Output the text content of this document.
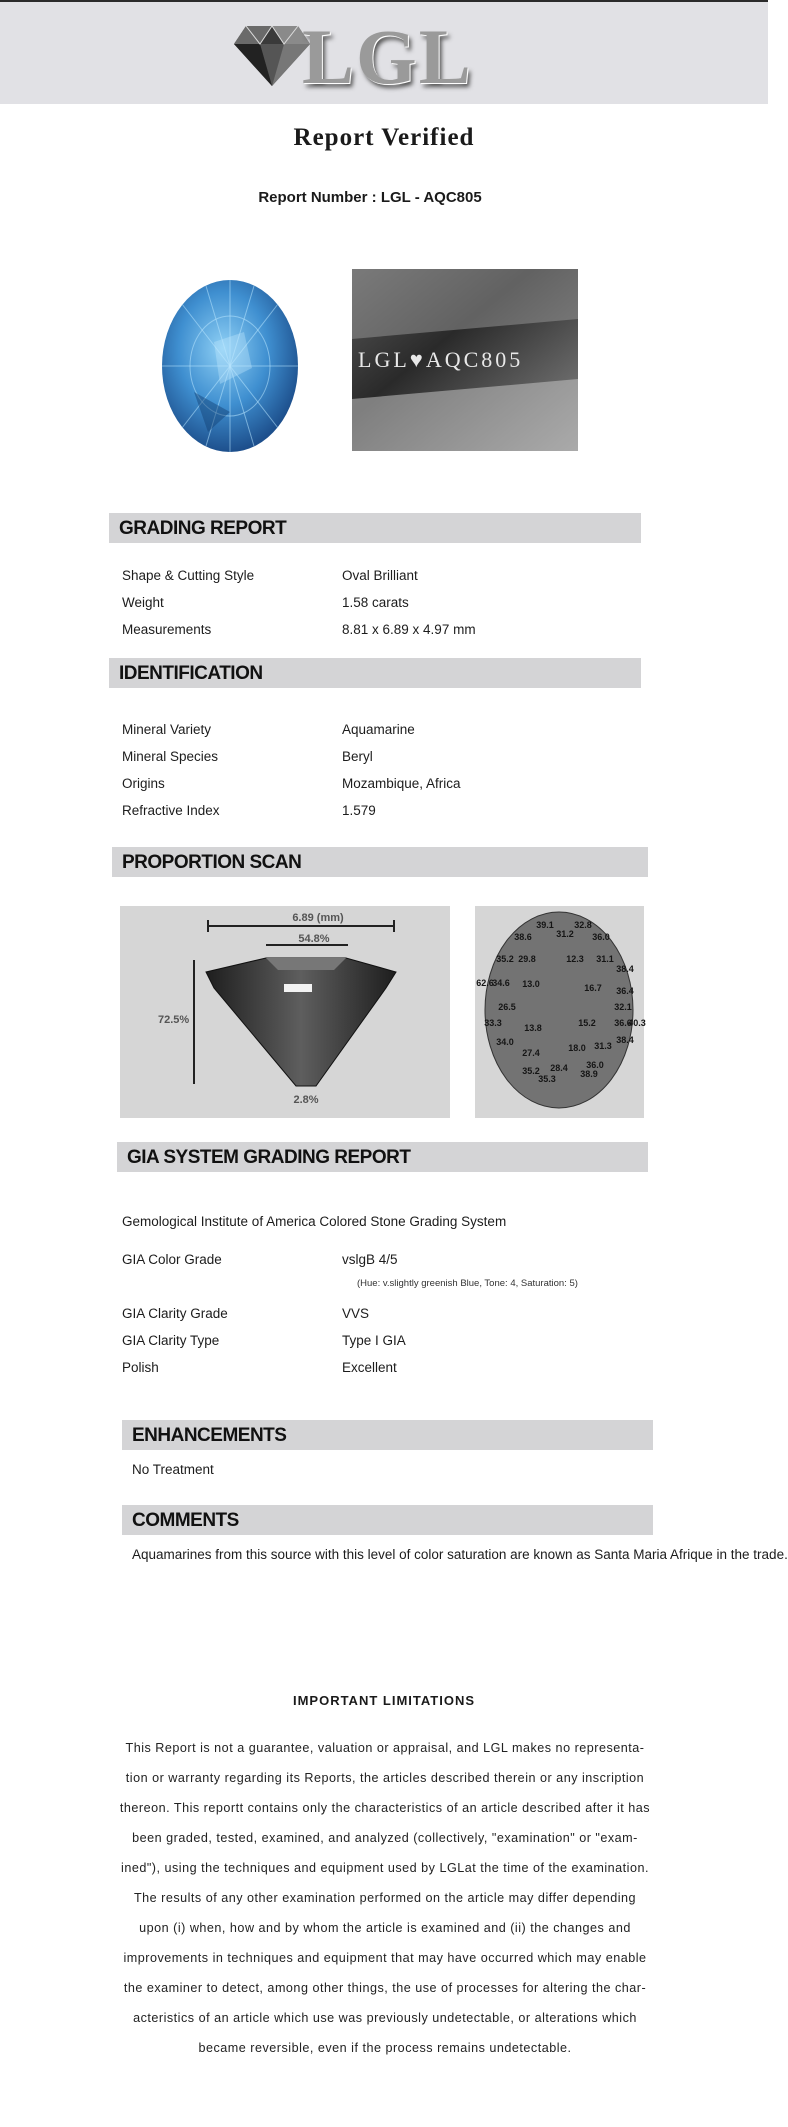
LGL
Report Verified
Report Number : LGL - AQC805
LGL♥AQC805
GRADING REPORT
Shape & Cutting Style	Oval Brilliant
Weight	1.58 carats
Measurements	8.81 x 6.89 x 4.97 mm
IDENTIFICATION
Mineral Variety	Aquamarine
Mineral Species	Beryl
Origins	Mozambique, Africa
Refractive Index	1.579
PROPORTION SCAN
6.89 (mm)
54.8%
72.5%
2.8%
39.1 32.8
38.6	31.2 36.0
35.2 29.8	12.3 31.1
38.4
62.6
34.6 13.0	16.7 36.4
26.5	32.1
33.3	15.2 36.6
40.3
13.8
34.0	38.4
27.4	18.0 31.3
36.0
35.2 28.4
38.9
35.3
GIA SYSTEM GRADING REPORT
Gemological Institute of America Colored Stone Grading System
GIA Color Grade	vslgB 4/5
(Hue: v.slightly greenish Blue, Tone: 4, Saturation: 5)
GIA Clarity Grade	VVS
GIA Clarity Type	Type I GIA
Polish	Excellent
ENHANCEMENTS
No Treatment
COMMENTS
Aquamarines from this source with this level of color saturation are known as Santa Maria Afrique in the trade.
IMPORTANT LIMITATIONS
This Report is not a guarantee, valuation or appraisal, and LGL makes no representa-
tion or warranty regarding its Reports, the articles described therein or any inscription
thereon. This reportt contains only the characteristics of an article described after it has
been graded, tested, examined, and analyzed (collectively, "examination" or "exam-
ined"), using the techniques and equipment used by LGLat the time of the examination.
The results of any other examination performed on the article may differ depending
upon (i) when, how and by whom the article is examined and (ii) the changes and
improvements in techniques and equipment that may have occurred which may enable
the examiner to detect, among other things, the use of processes for altering the char-
acteristics of an article which use was previously undetectable, or alterations which
became reversible, even if the process remains undetectable.
